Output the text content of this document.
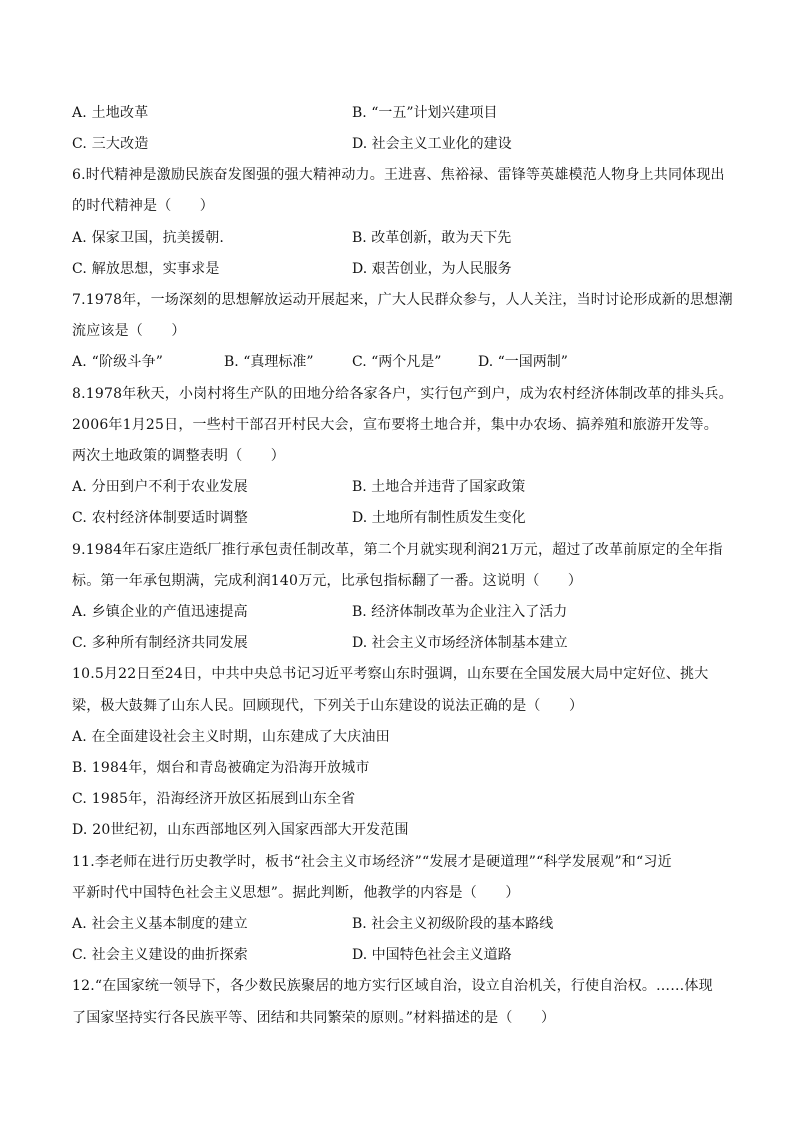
A. 土地改革	B. “一五”计划兴建项目
C. 三大改造	D. 社会主义工业化的建设
6.时代精神是激励民族奋发图强的强大精神动力。王进喜、焦裕禄、雷锋等英雄模范人物身上共同体现出
的时代精神是（　　）
A. 保家卫国，抗美援朝.	B. 改革创新，敢为天下先
C. 解放思想，实事求是	D. 艰苦创业，为人民服务
7.1978年，一场深刻的思想解放运动开展起来，广大人民群众参与，人人关注，当时讨论形成新的思想潮
流应该是（　　）
A. “阶级斗争”	B. “真理标准”	C. “两个凡是”	D. “一国两制”
8.1978年秋天，小岗村将生产队的田地分给各家各户，实行包产到户，成为农村经济体制改革的排头兵。
2006年1月25日，一些村干部召开村民大会，宣布要将土地合并，集中办农场、搞养殖和旅游开发等。
两次土地政策的调整表明（　　）
A. 分田到户不利于农业发展	B. 土地合并违背了国家政策
C. 农村经济体制要适时调整	D. 土地所有制性质发生变化
9.1984年石家庄造纸厂推行承包责任制改革，第二个月就实现利润21万元，超过了改革前原定的全年指
标。第一年承包期满，完成利润140万元，比承包指标翻了一番。这说明（　　）
A. 乡镇企业的产值迅速提高	B. 经济体制改革为企业注入了活力
C. 多种所有制经济共同发展	D. 社会主义市场经济体制基本建立
10.5月22日至24日，中共中央总书记习近平考察山东时强调，山东要在全国发展大局中定好位、挑大
梁，极大鼓舞了山东人民。回顾现代，下列关于山东建设的说法正确的是（　　）
A. 在全面建设社会主义时期，山东建成了大庆油田
B. 1984年，烟台和青岛被确定为沿海开放城市
C. 1985年，沿海经济开放区拓展到山东全省
D. 20世纪初，山东西部地区列入国家西部大开发范围
11.李老师在进行历史教学时，板书“社会主义市场经济”“发展才是硬道理”“科学发展观”和“习近
平新时代中国特色社会主义思想”。据此判断，他教学的内容是（　　）
A. 社会主义基本制度的建立	B. 社会主义初级阶段的基本路线
C. 社会主义建设的曲折探索	D. 中国特色社会主义道路
12.“在国家统一领导下，各少数民族聚居的地方实行区域自治，设立自治机关，行使自治权。……体现
了国家坚持实行各民族平等、团结和共同繁荣的原则。”材料描述的是（　　）
